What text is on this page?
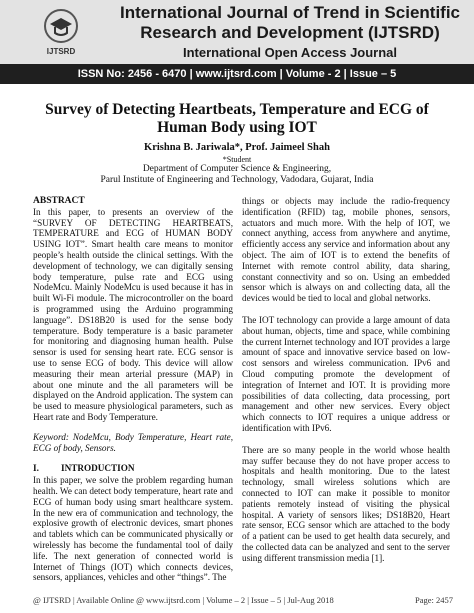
IJTSRD
International Journal of Trend in Scientific Research and Development (IJTSRD)
International Open Access Journal
ISSN No: 2456 - 6470 | www.ijtsrd.com | Volume - 2 | Issue – 5
Survey of Detecting Heartbeats, Temperature and ECG of Human Body using IOT
Krishna B. Jariwala*, Prof. Jaimeel Shah
*Student
Department of Computer Science & Engineering,
Parul Institute of Engineering and Technology, Vadodara, Gujarat, India

ABSTRACT

In this paper, to presents an overview of the “SURVEY OF DETECTING HEARTBEATS, TEMPERATURE and ECG of HUMAN BODY USING IOT”. Smart health care means to monitor people’s health outside the clinical settings. With the development of technology, we can digitally sensing body temperature, pulse rate and ECG using NodeMcu. Mainly NodeMcu is used because it has in built Wi-Fi module. The microcontroller on the board is programmed using the Arduino programming language”. DS18B20 is used for the sense body temperature. Body temperature is a basic parameter for monitoring and diagnosing human health. Pulse sensor is used for sensing heart rate. ECG sensor is use to sense ECG of body. This device will allow measuring their mean arterial pressure (MAP) in about one minute and the all parameters will be displayed on the Android application. The system can be used to measure physiological parameters, such as Heart rate and Body Temperature.

Keyword: NodeMcu, Body Temperature, Heart rate, ECG of body, Sensors.

I. INTRODUCTION

In this paper, we solve the problem regarding human health. We can detect body temperature, heart rate and ECG of human body using smart healthcare system. In the new era of communication and technology, the explosive growth of electronic devices, smart phones and tablets which can be communicated physically or wirelessly has become the fundamental tool of daily life. The next generation of connected world is Internet of Things (IOT) which connects devices, sensors, appliances, vehicles and other “things”. The

things or objects may include the radio-frequency identification (RFID) tag, mobile phones, sensors, actuators and much more. With the help of IOT, we connect anything, access from anywhere and anytime, efficiently access any service and information about any object. The aim of IOT is to extend the benefits of Internet with remote control ability, data sharing, constant connectivity and so on. Using an embedded sensor which is always on and collecting data, all the devices would be tied to local and global networks.

The IOT technology can provide a large amount of data about human, objects, time and space, while combining the current Internet technology and IOT provides a large amount of space and innovative service based on low-cost sensors and wireless communication. IPv6 and Cloud computing promote the development of integration of Internet and IOT. It is providing more possibilities of data collecting, data processing, port management and other new services. Every object which connects to IOT requires a unique address or identification with IPv6.

There are so many people in the world whose health may suffer because they do not have proper access to hospitals and health monitoring. Due to the latest technology, small wireless solutions which are connected to IOT can make it possible to monitor patients remotely instead of visiting the physical hospital. A variety of sensors likes; DS18B20, Heart rate sensor, ECG sensor which are attached to the body of a patient can be used to get health data securely, and the collected data can be analyzed and sent to the server using different transmission media [1].

@ IJTSRD | Available Online @ www.ijtsrd.com | Volume – 2 | Issue – 5 | Jul-Aug 2018	Page: 2457
